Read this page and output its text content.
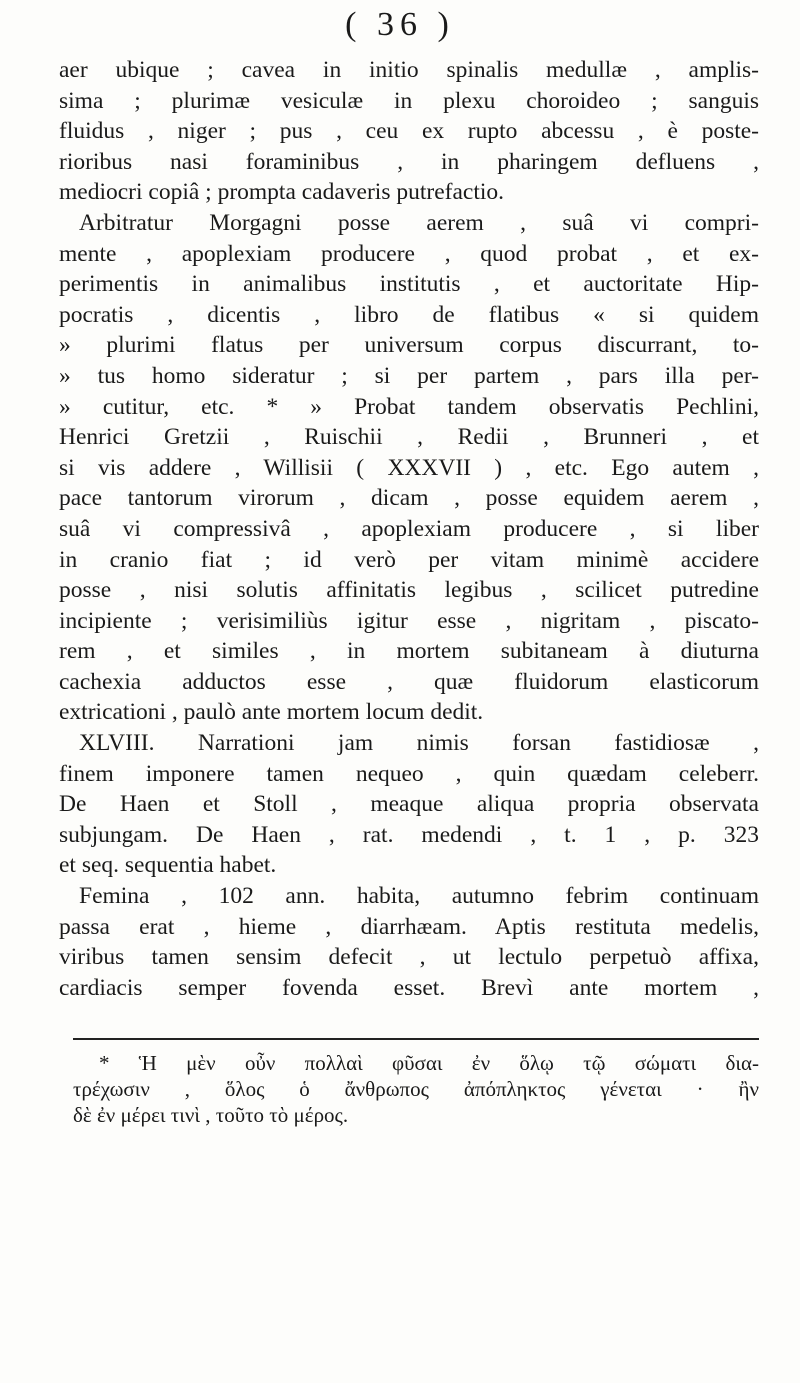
( 36 )
aer ubique ; cavea in initio spinalis medullæ , amplis-
sima ; plurimæ vesiculæ in plexu choroideo ; sanguis
fluidus , niger ; pus , ceu ex rupto abcessu , è poste-
rioribus nasi foraminibus , in pharingem defluens ,
mediocri copiâ ; prompta cadaveris putrefactio.
Arbitratur Morgagni posse aerem , suâ vi compri-
mente , apoplexiam producere , quod probat , et ex-
perimentis in animalibus institutis , et auctoritate Hip-
pocratis , dicentis , libro de flatibus « si quidem
» plurimi flatus per universum corpus discurrant, to-
» tus homo sideratur ; si per partem , pars illa per-
» cutitur, etc. * » Probat tandem observatis Pechlini,
Henrici Gretzii , Ruischii , Redii , Brunneri , et
si vis addere , Willisii ( XXXVII ) , etc. Ego autem ,
pace tantorum virorum , dicam , posse equidem aerem ,
suâ vi compressivâ , apoplexiam producere , si liber
in cranio fiat ; id verò per vitam minimè accidere
posse , nisi solutis affinitatis legibus , scilicet putredine
incipiente ; verisimiliùs igitur esse , nigritam , piscato-
rem , et similes , in mortem subitaneam à diuturna
cachexia adductos esse , quæ fluidorum elasticorum
extricationi , paulò ante mortem locum dedit.
XLVIII. Narrationi jam nimis forsan fastidiosæ ,
finem imponere tamen nequeo , quin quædam celeberr.
De Haen et Stoll , meaque aliqua propria observata
subjungam. De Haen , rat. medendi , t. 1 , p. 323
et seq. sequentia habet.
Femina , 102 ann. habita, autumno febrim continuam
passa erat , hieme , diarrhæam. Aptis restituta medelis,
viribus tamen sensim defecit , ut lectulo perpetuò affixa,
cardiacis semper fovenda esset. Brevì ante mortem ,
* Ἡ μὲν οὖν πολλαὶ φῦσαι ἐν ὅλῳ τῷ σώματι δια-
τρέχωσιν , ὅλος ὁ ἄνθρωπος ἀπόπληκτος γένεται · ἢν
δὲ ἐν μέρει τινὶ , τοῦτο τὸ μέρος.
